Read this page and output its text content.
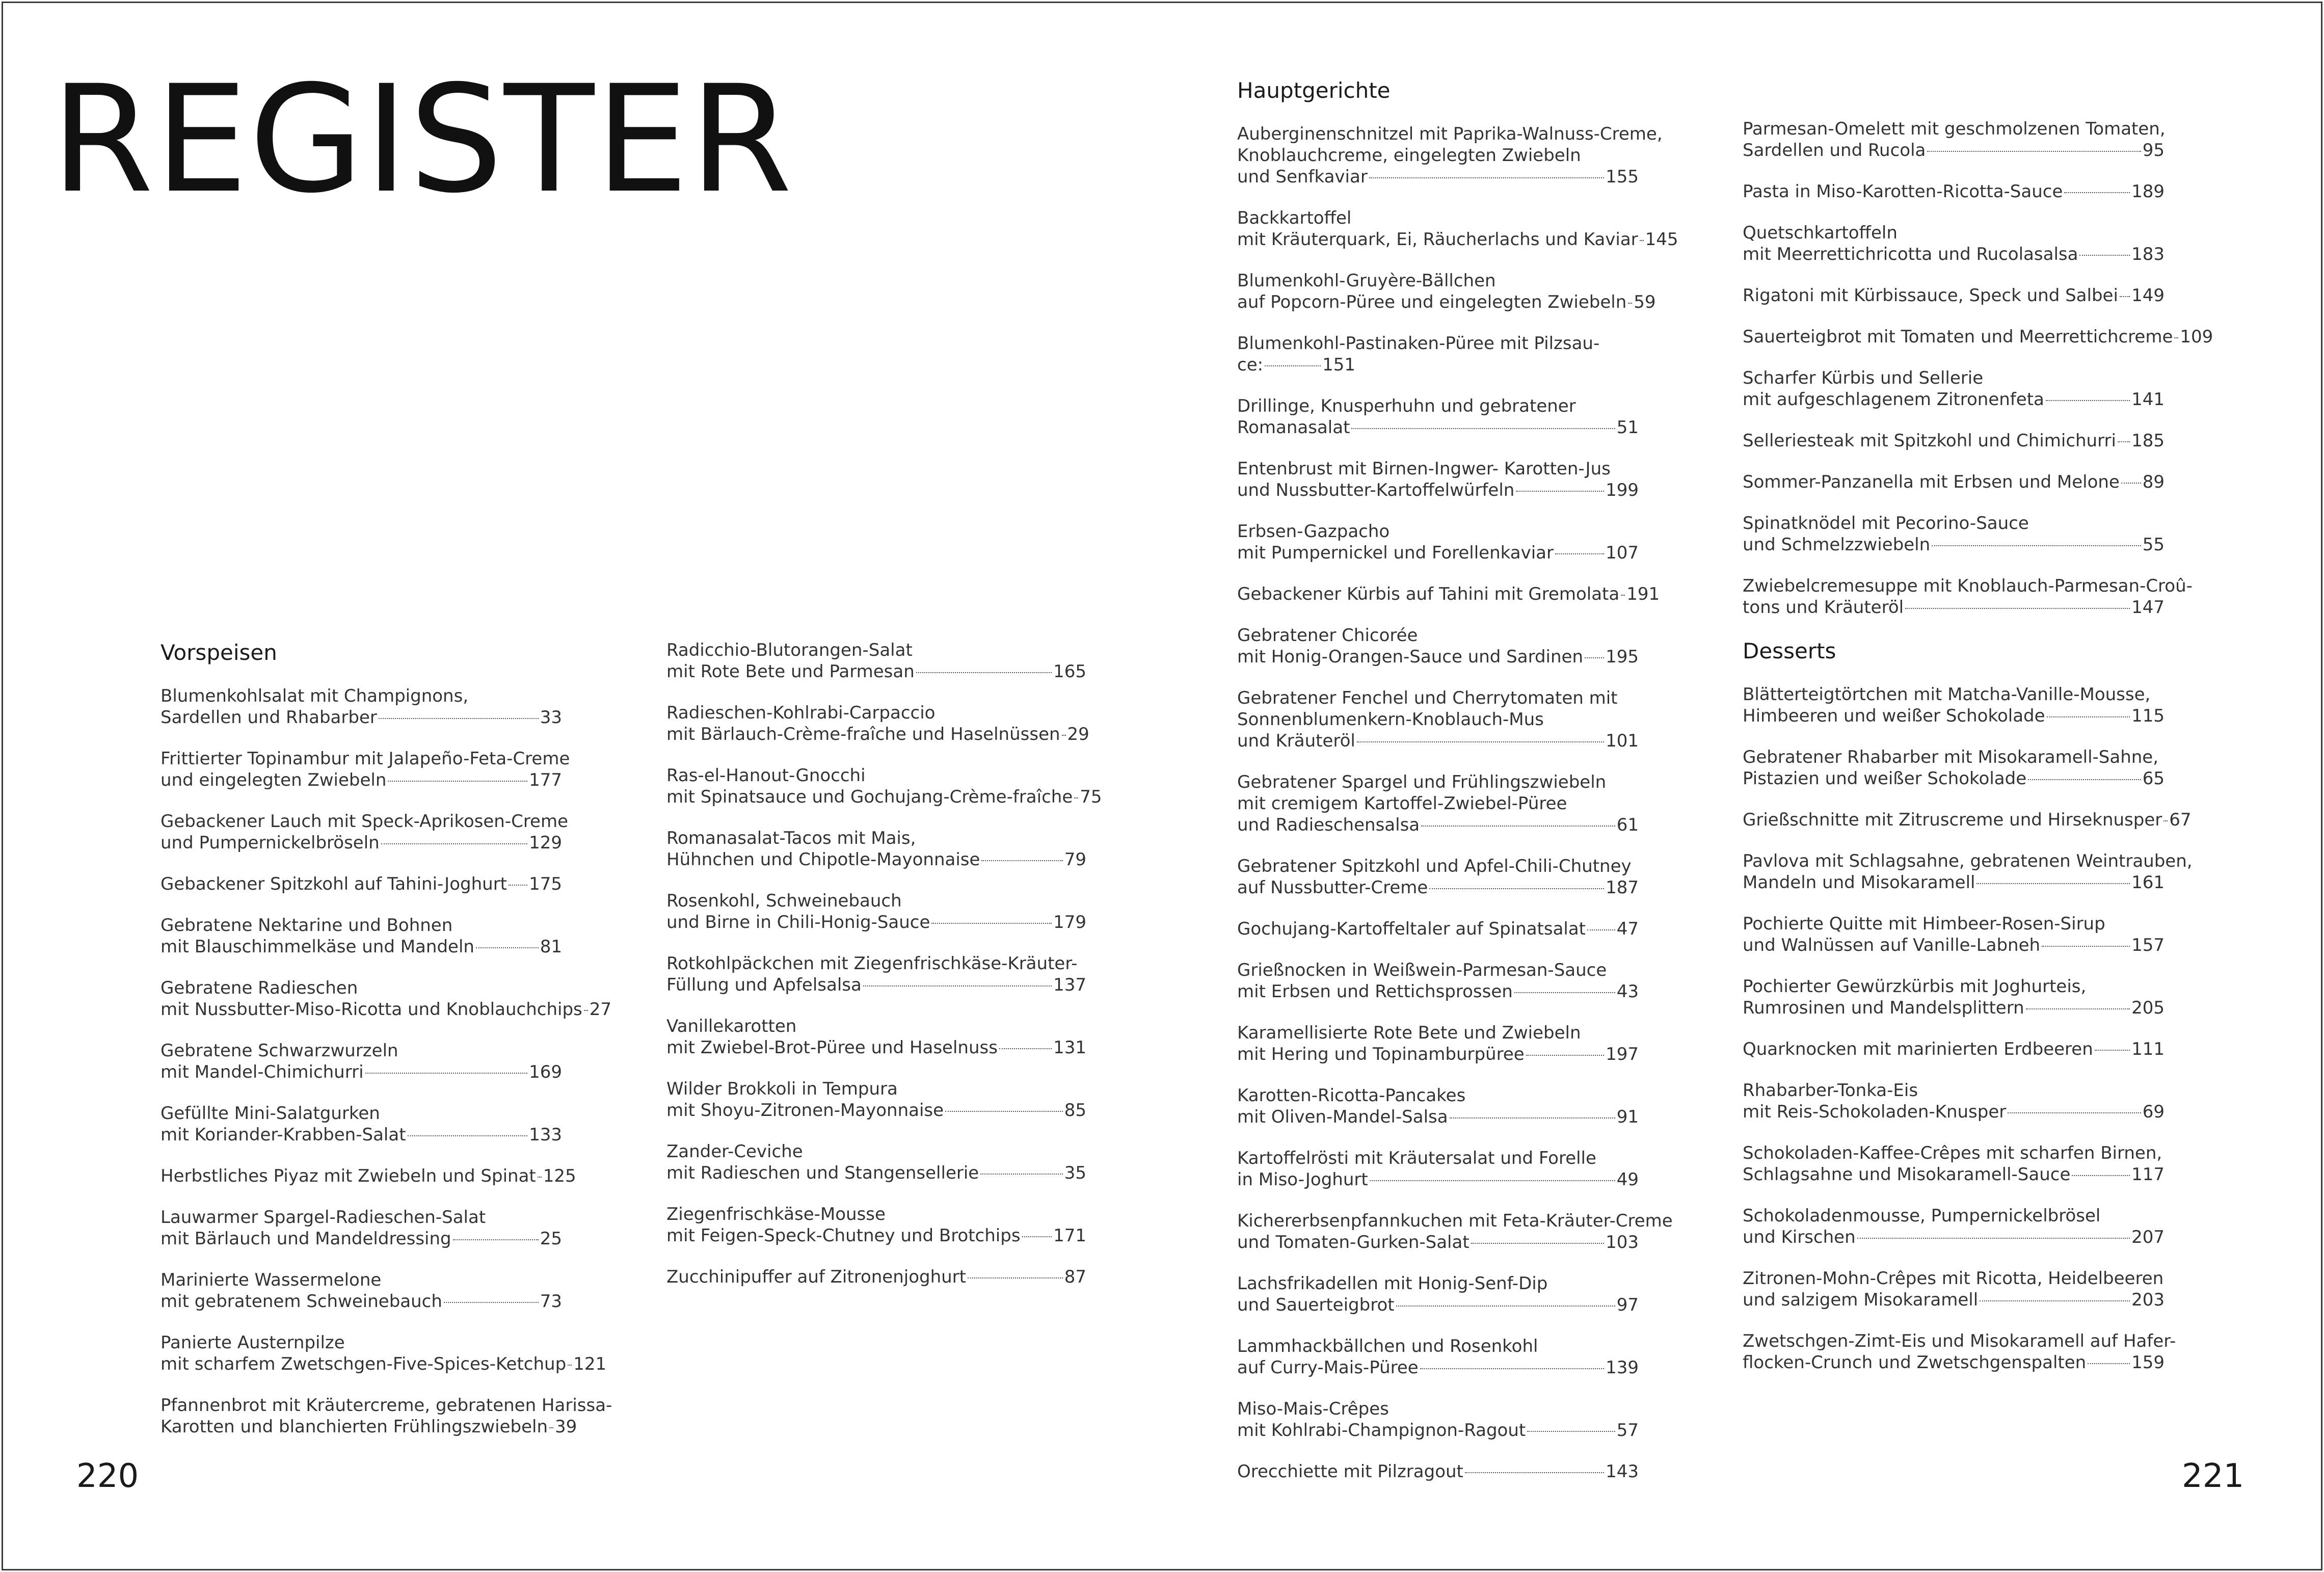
REGISTER
Vorspeisen
Blumenkohlsalat mit Champignons,
Sardellen und Rhabarber	33
Frittierter Topinambur mit Jalapeño-Feta-Creme
und eingelegten Zwiebeln	177
Gebackener Lauch mit Speck-Aprikosen-Creme
und Pumpernickelbröseln	129
Gebackener Spitzkohl auf Tahini-Joghurt 175
Gebratene Nektarine und Bohnen
mit Blauschimmelkäse und Mandeln	81
Gebratene Radieschen
mit Nussbutter-Miso-Ricotta und Knoblauchchips 27
Gebratene Schwarzwurzeln
mit Mandel-Chimichurri	169
Gefüllte Mini-Salatgurken
mit Koriander-Krabben-Salat	133
Herbstliches Piyaz mit Zwiebeln und Spinat 125
Lauwarmer Spargel-Radieschen-Salat
mit Bärlauch und Mandeldressing	25
Marinierte Wassermelone
mit gebratenem Schweinebauch	73
Panierte Austernpilze
mit scharfem Zwetschgen-Five-Spices-Ketchup 121
Pfannenbrot mit Kräutercreme, gebratenen Harissa-
Karotten und blanchierten Frühlingszwiebeln 39
Radicchio-Blutorangen-Salat
mit Rote Bete und Parmesan	165
Radieschen-Kohlrabi-Carpaccio
mit Bärlauch-Crème-fraîche und Haselnüssen 29
Ras-el-Hanout-Gnocchi
mit Spinatsauce und Gochujang-Crème-fraîche 75
Romanasalat-Tacos mit Mais,
Hühnchen und Chipotle-Mayonnaise	79
Rosenkohl, Schweinebauch
und Birne in Chili-Honig-Sauce	179
Rotkohlpäckchen mit Ziegenfrischkäse-Kräuter-
Füllung und Apfelsalsa	137
Vanillekarotten
mit Zwiebel-Brot-Püree und Haselnuss	131
Wilder Brokkoli in Tempura
mit Shoyu-Zitronen-Mayonnaise	85
Zander-Ceviche
mit Radieschen und Stangensellerie	35
Ziegenfrischkäse-Mousse
mit Feigen-Speck-Chutney und Brotchips 171
Zucchinipuffer auf Zitronenjoghurt	87
Hauptgerichte
Auberginenschnitzel mit Paprika-Walnuss-Creme,
Knoblauchcreme, eingelegten Zwiebeln
und Senfkaviar	155
Backkartoffel
mit Kräuterquark, Ei, Räucherlachs und Kaviar 145
Blumenkohl-Gruyère-Bällchen
auf Popcorn-Püree und eingelegten Zwiebeln 59
Blumenkohl-Pastinaken-Püree mit Pilzsau-
ce:	151
Drillinge, Knusperhuhn und gebratener
Romanasalat	51
Entenbrust mit Birnen-Ingwer- Karotten-Jus
und Nussbutter-Kartoffelwürfeln	199
Erbsen-Gazpacho
mit Pumpernickel und Forellenkaviar	107
Gebackener Kürbis auf Tahini mit Gremolata 191
Gebratener Chicorée
mit Honig-Orangen-Sauce und Sardinen 195
Gebratener Fenchel und Cherrytomaten mit
Sonnenblumenkern-Knoblauch-Mus
und Kräuteröl	101
Gebratener Spargel und Frühlingszwiebeln
mit cremigem Kartoffel-Zwiebel-Püree
und Radieschensalsa	61
Gebratener Spitzkohl und Apfel-Chili-Chutney
auf Nussbutter-Creme	187
Gochujang-Kartoffeltaler auf Spinatsalat 47
Grießnocken in Weißwein-Parmesan-Sauce
mit Erbsen und Rettichsprossen	43
Karamellisierte Rote Bete und Zwiebeln
mit Hering und Topinamburpüree	197
Karotten-Ricotta-Pancakes
mit Oliven-Mandel-Salsa	91
Kartoffelrösti mit Kräutersalat und Forelle
in Miso-Joghurt	49
Kichererbsenpfannkuchen mit Feta-Kräuter-Creme
und Tomaten-Gurken-Salat	103
Lachsfrikadellen mit Honig-Senf-Dip
und Sauerteigbrot	97
Lammhackbällchen und Rosenkohl
auf Curry-Mais-Püree	139
Miso-Mais-Crêpes
mit Kohlrabi-Champignon-Ragout	57
Orecchiette mit Pilzragout	143
Parmesan-Omelett mit geschmolzenen Tomaten,
Sardellen und Rucola	95
Pasta in Miso-Karotten-Ricotta-Sauce	189
Quetschkartoffeln
mit Meerrettichricotta und Rucolasalsa	183
Rigatoni mit Kürbissauce, Speck und Salbei 149
Sauerteigbrot mit Tomaten und Meerrettichcreme 109
Scharfer Kürbis und Sellerie
mit aufgeschlagenem Zitronenfeta	141
Selleriesteak mit Spitzkohl und Chimichurri 185
Sommer-Panzanella mit Erbsen und Melone 89
Spinatknödel mit Pecorino-Sauce
und Schmelzzwiebeln	55
Zwiebelcremesuppe mit Knoblauch-Parmesan-Croû-
tons und Kräuteröl	147
Desserts
Blätterteigtörtchen mit Matcha-Vanille-Mousse,
Himbeeren und weißer Schokolade	115
Gebratener Rhabarber mit Misokaramell-Sahne,
Pistazien und weißer Schokolade	65
Grießschnitte mit Zitruscreme und Hirseknusper 67
Pavlova mit Schlagsahne, gebratenen Weintrauben,
Mandeln und Misokaramell	161
Pochierte Quitte mit Himbeer-Rosen-Sirup
und Walnüssen auf Vanille-Labneh	157
Pochierter Gewürzkürbis mit Joghurteis,
Rumrosinen und Mandelsplittern	205
Quarknocken mit marinierten Erdbeeren 111
Rhabarber-Tonka-Eis
mit Reis-Schokoladen-Knusper	69
Schokoladen-Kaffee-Crêpes mit scharfen Birnen,
Schlagsahne und Misokaramell-Sauce	117
Schokoladenmousse, Pumpernickelbrösel
und Kirschen	207
Zitronen-Mohn-Crêpes mit Ricotta, Heidelbeeren
und salzigem Misokaramell	203
Zwetschgen-Zimt-Eis und Misokaramell auf Hafer-
flocken-Crunch und Zwetschgenspalten	159
220	221
